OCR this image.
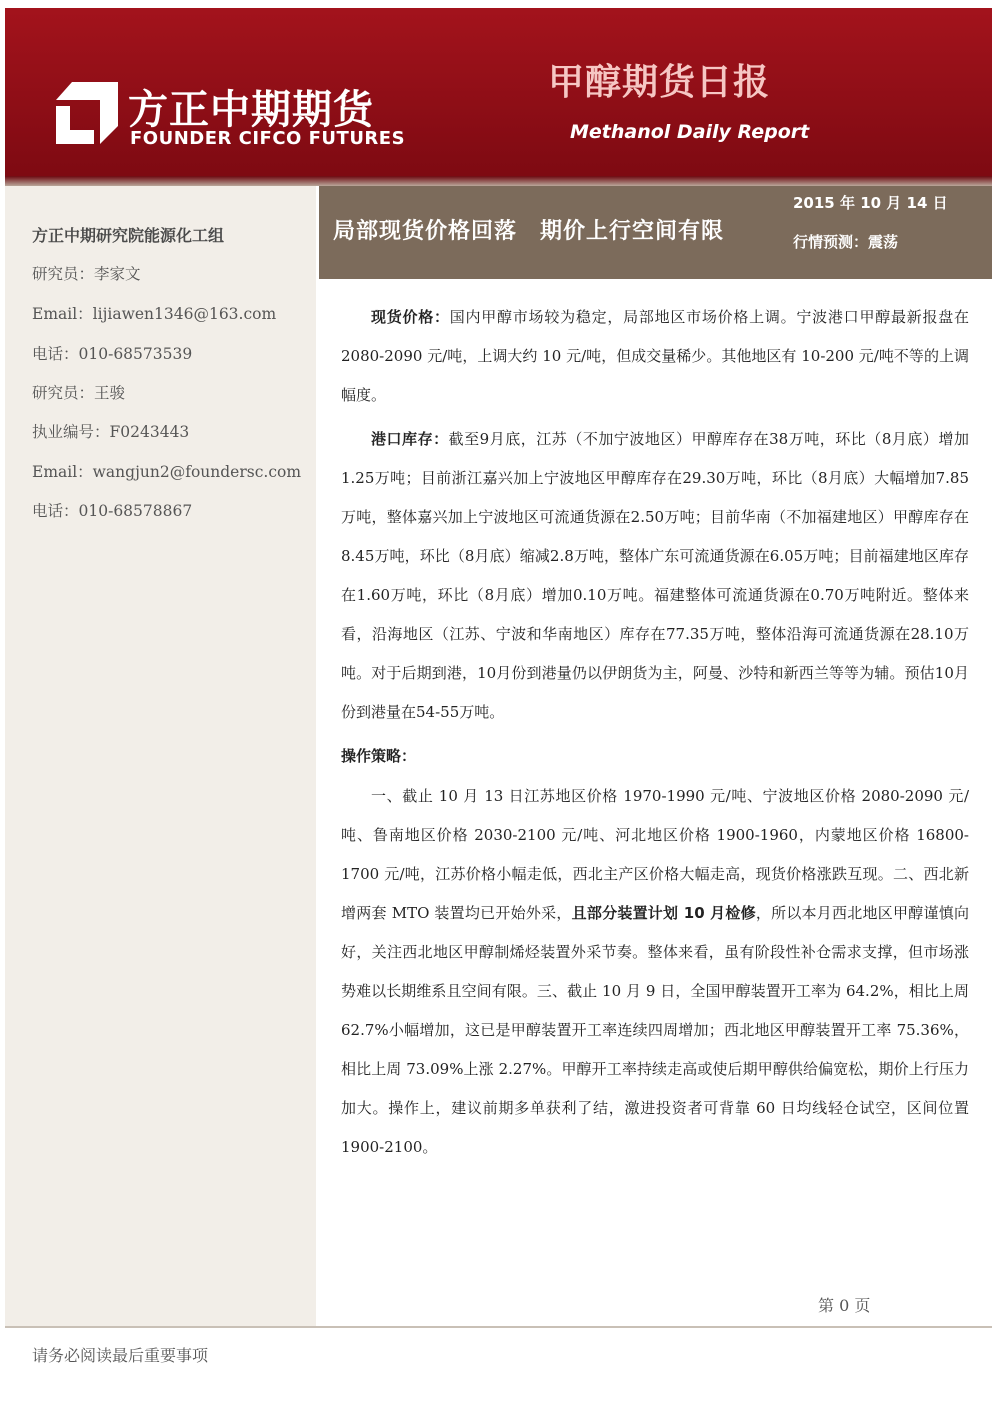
方正中期期货
FOUNDER CIFCO FUTURES
甲醇期货日报
Methanol Daily Report
方正中期研究院能源化工组
研究员：李家文
Email：lijiawen1346@163.com
电话：010-68573539
研究员：王骏
执业编号：F0243443
Email：wangjun2@foundersc.com
电话：010-68578867
局部现货价格回落　期价上行空间有限
2015 年 10 月 14 日
行情预测：震荡

现货价格：国内甲醇市场较为稳定，局部地区市场价格上调。宁波港口甲醇最新报盘在 2080-2090 元/吨，上调大约 10 元/吨，但成交量稀少。其他地区有 10-200 元/吨不等的上调幅度。

港口库存：截至9月底，江苏（不加宁波地区）甲醇库存在38万吨，环比（8月底）增加1.25万吨；目前浙江嘉兴加上宁波地区甲醇库存在29.30万吨，环比（8月底）大幅增加7.85万吨，整体嘉兴加上宁波地区可流通货源在2.50万吨；目前华南（不加福建地区）甲醇库存在8.45万吨，环比（8月底）缩减2.8万吨，整体广东可流通货源在6.05万吨；目前福建地区库存在1.60万吨，环比（8月底）增加0.10万吨。福建整体可流通货源在0.70万吨附近。整体来看，沿海地区（江苏、宁波和华南地区）库存在77.35万吨，整体沿海可流通货源在28.10万吨。对于后期到港，10月份到港量仍以伊朗货为主，阿曼、沙特和新西兰等等为辅。预估10月份到港量在54-55万吨。

操作策略：

一、截止 10 月 13 日江苏地区价格 1970-1990 元/吨、宁波地区价格 2080-2090 元/吨、鲁南地区价格 2030-2100 元/吨、河北地区价格 1900-1960，内蒙地区价格 16800-1700 元/吨，江苏价格小幅走低，西北主产区价格大幅走高，现货价格涨跌互现。二、西北新增两套 MTO 装置均已开始外采，且部分装置计划 10 月检修，所以本月西北地区甲醇谨慎向好，关注西北地区甲醇制烯烃装置外采节奏。整体来看，虽有阶段性补仓需求支撑，但市场涨势难以长期维系且空间有限。三、截止 10 月 9 日，全国甲醇装置开工率为 64.2%，相比上周 62.7%小幅增加，这已是甲醇装置开工率连续四周增加；西北地区甲醇装置开工率 75.36%，相比上周 73.09%上涨 2.27%。甲醇开工率持续走高或使后期甲醇供给偏宽松，期价上行压力加大。操作上，建议前期多单获利了结，激进投资者可背靠 60 日均线轻仓试空，区间位置 1900-2100。

第 0 页
请务必阅读最后重要事项
